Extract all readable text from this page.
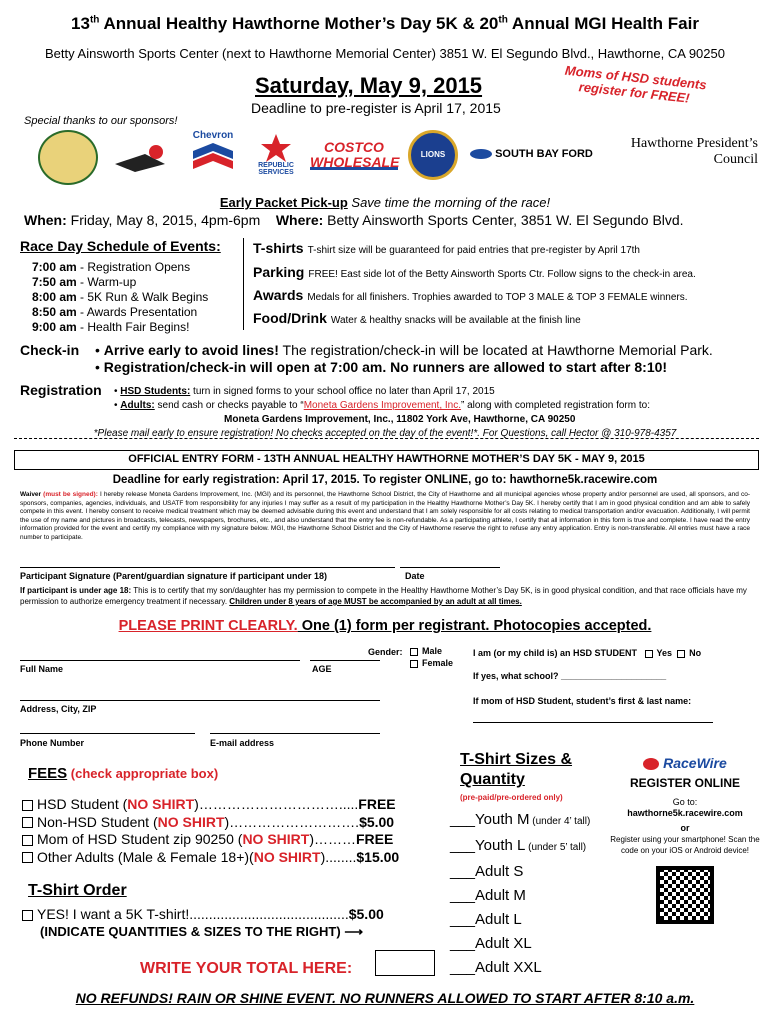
13th Annual Healthy Hawthorne Mother’s Day 5K & 20th Annual MGI Health Fair
Betty Ainsworth Sports Center (next to Hawthorne Memorial Center) 3851 W. El Segundo Blvd., Hawthorne, CA 90250
Saturday, May 9, 2015
Deadline to pre-register is April 17, 2015
Moms of HSD students register for FREE!
Special thanks to our sponsors!
Chevron
REPUBLIC SERVICES
COSTCO WHOLESALE	LIONS	SOUTH BAY FORD
Hawthorne President’s Council
Early Packet Pick-up Save time the morning of the race!
When: Friday, May 8, 2015, 4pm-6pm Where: Betty Ainsworth Sports Center, 3851 W. El Segundo Blvd.
Race Day Schedule of Events:
7:00 am - Registration Opens
7:50 am - Warm-up
8:00 am - 5K Run & Walk Begins
8:50 am - Awards Presentation
9:00 am - Health Fair Begins!
T-shirts T-shirt size will be guaranteed for paid entries that pre-register by April 17th
Parking FREE! East side lot of the Betty Ainsworth Sports Ctr. Follow signs to the check-in area.
Awards Medals for all finishers. Trophies awarded to TOP 3 MALE & TOP 3 FEMALE winners.
Food/Drink Water & healthy snacks will be available at the finish line
Check-in • Arrive early to avoid lines! The registration/check-in will be located at Hawthorne Memorial Park.
• Registration/check-in will open at 7:00 am. No runners are allowed to start after 8:10!
Registration • HSD Students: turn in signed forms to your school office no later than April 17, 2015
• Adults: send cash or checks payable to “Moneta Gardens Improvement, Inc.” along with completed registration form to:
Moneta Gardens Improvement, Inc., 11802 York Ave, Hawthorne, CA 90250
*Please mail early to ensure registration! No checks accepted on the day of the event!*. For Questions, call Hector @ 310-978-4357
OFFICIAL ENTRY FORM - 13TH ANNUAL HEALTHY HAWTHORNE MOTHER’S DAY 5K - MAY 9, 2015
Deadline for early registration: April 17, 2015. To register ONLINE, go to: hawthorne5k.racewire.com
Waiver (must be signed): I hereby release Moneta Gardens Improvement, Inc. (MGI) and its personnel, the Hawthorne School District, the City of Hawthorne and all municipal agencies whose property and/or personnel are used, all sponsors, and co-sponsors, companies, agencies, individuals, and USATF from responsibility for any injuries I may suffer as a result of my participation in the Healthy Hawthorne Mother’s Day 5K. I hereby certify that I am in good physical condition and am able to safely compete in this event. I hereby consent to receive medical treatment which may be deemed advisable during this event and understand that I am solely responsible for all costs relating to medical transportation and/or evacuation. Additionally, I will permit the use of my name and pictures in broadcasts, telecasts, newspapers, brochures, etc., and also understand that the entry fee is non-refundable. As a participating athlete, I certify that all information in this form is true and complete. I have read the entry information provided for the event and certify my compliance with my signature below. MGI, the Hawthorne School District and the City of Hawthorne reserve the right to refuse any entry application. Entry is non-transferable. All entries must have a race number to participate.
Participant Signature (Parent/guardian signature if participant under 18)	Date
If participant is under age 18: This is to certify that my son/daughter has my permission to compete in the Healthy Hawthorne Mother’s Day 5K, is in good physical condition, and that race officials have my permission to authorize emergency treatment if necessary. Children under 8 years of age MUST be accompanied by an adult at all times.
PLEASE PRINT CLEARLY. One (1) form per registrant. Photocopies accepted.
Full Name	AGE
Gender:	Male
Female
I am (or my child is) an HSD STUDENT Yes No
If yes, what school? _____________________
If mom of HSD Student, student’s first & last name:
Address, City, ZIP
Phone Number	E-mail address
FEES (check appropriate box)
HSD Student (NO SHIRT)………………………….....FREE
Non-HSD Student (NO SHIRT)……………………….$5.00
Mom of HSD Student zip 90250 (NO SHIRT)………FREE
Other Adults (Male & Female 18+)(NO SHIRT)........$15.00
T-Shirt Order
YES! I want a 5K T-shirt!.........................................$5.00
(INDICATE QUANTITIES & SIZES TO THE RIGHT) ⟶
T-Shirt Sizes & Quantity
(pre-paid/pre-ordered only)
___Youth M (under 4’ tall)
___Youth L (under 5’ tall)
___Adult S
___Adult M
___Adult L
___Adult XL
___Adult XXL
RaceWire
REGISTER ONLINE
Go to:
hawthorne5k.racewire.com
or
Register using your smartphone! Scan the code on your iOS or Android device!
WRITE YOUR TOTAL HERE:
NO REFUNDS! RAIN OR SHINE EVENT. NO RUNNERS ALLOWED TO START AFTER 8:10 a.m.
